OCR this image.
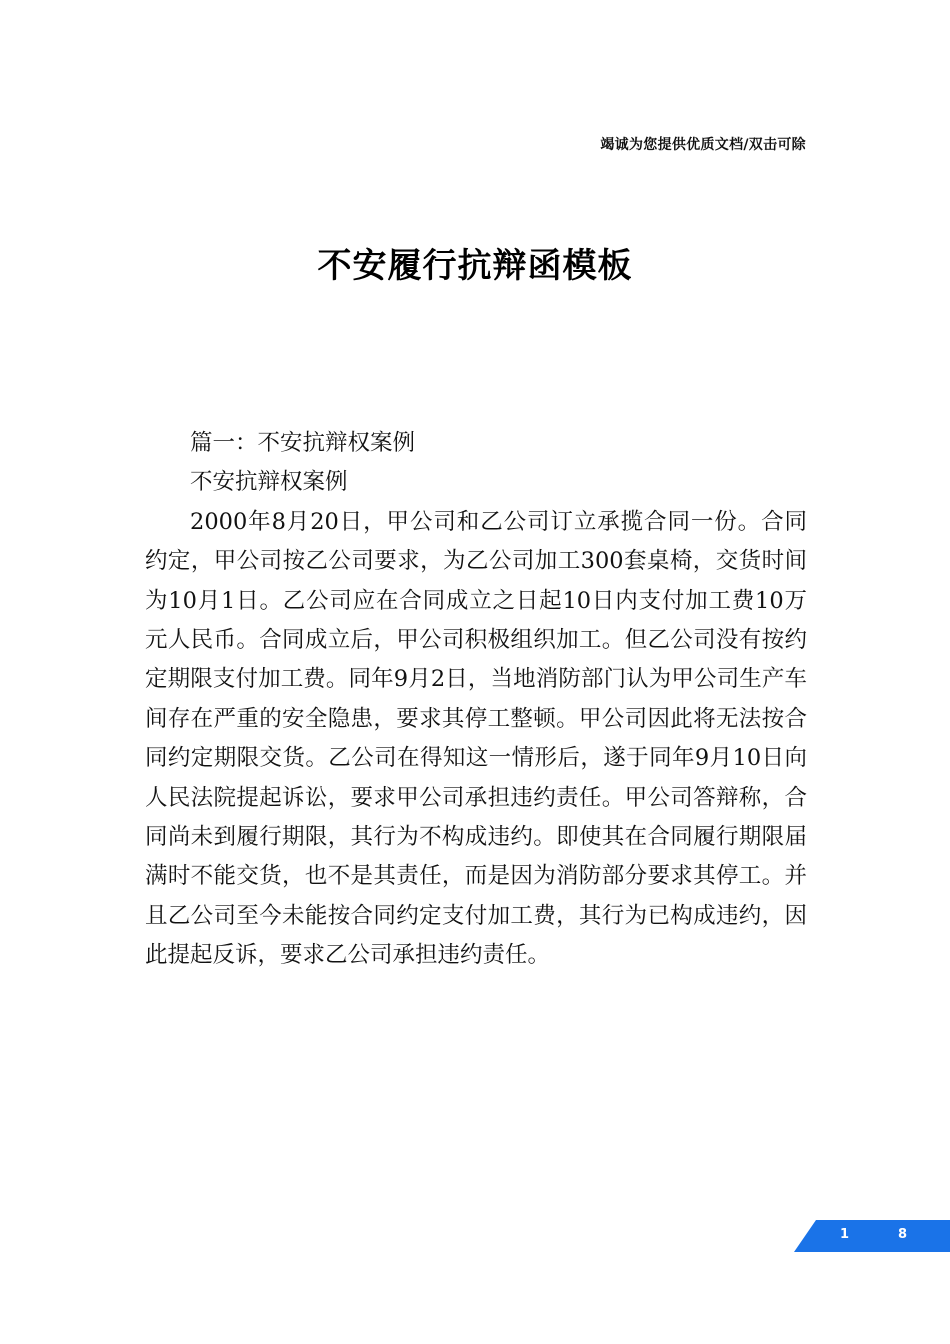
竭诚为您提供优质文档/双击可除
不安履行抗辩函模板

篇一：不安抗辩权案例

不安抗辩权案例

2000年8月20日，甲公司和乙公司订立承揽合同一份。合同约定，甲公司按乙公司要求，为乙公司加工300套桌椅，交货时间为10月1日。乙公司应在合同成立之日起10日内支付加工费10万元人民币。合同成立后，甲公司积极组织加工。但乙公司没有按约定期限支付加工费。同年9月2日，当地消防部门认为甲公司生产车间存在严重的安全隐患，要求其停工整顿。甲公司因此将无法按合同约定期限交货。乙公司在得知这一情形后，遂于同年9月10日向人民法院提起诉讼，要求甲公司承担违约责任。甲公司答辩称，合同尚未到履行期限，其行为不构成违约。即使其在合同履行期限届满时不能交货，也不是其责任，而是因为消防部分要求其停工。并且乙公司至今未能按合同约定支付加工费，其行为已构成违约，因此提起反诉，要求乙公司承担违约责任。

1	8
